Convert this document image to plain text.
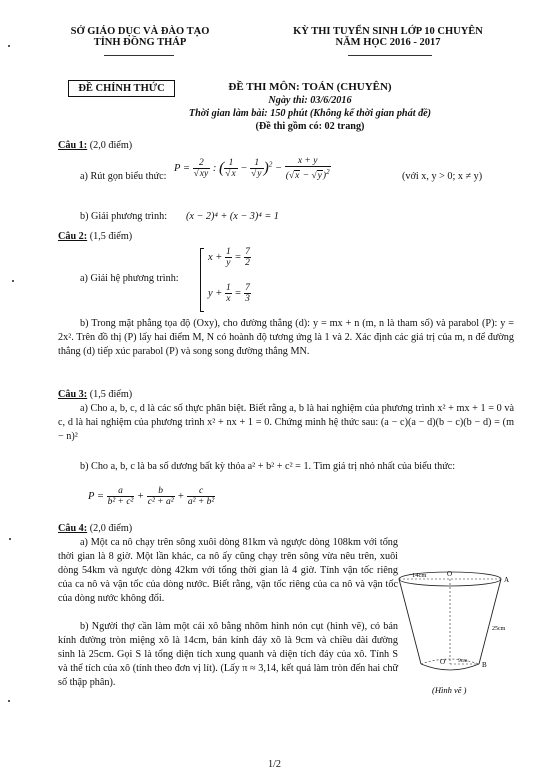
SỞ GIÁO DỤC VÀ ĐÀO TẠO
TỈNH ĐỒNG THÁP
KỲ THI TUYỂN SINH LỚP 10 CHUYÊN
NĂM HỌC 2016 - 2017
ĐỀ CHÍNH THỨC	ĐỀ THI MÔN: TOÁN (CHUYÊN)
Ngày thi: 03/6/2016
Thời gian làm bài: 150 phút (Không kể thời gian phát đề)
(Đề thi gồm có: 02 trang)
Câu 1: (2,0 điểm)
a) Rút gọn biểu thức:
$P = \frac{2}{√xy}$ : ( $\frac{1}{√x} - \frac{1}{√y} )^2 - \frac{x + y}{(√x - √y)^2}$	(với x, y > 0; x ≠ y)
b) Giải phương trình: (x − 2)⁴ + (x − 3)⁴ = 1
Câu 2: (1,5 điểm)
a) Giải hệ phương trình:
$x + \frac{1}{y} = \frac{7}{2}$
$y + \frac{1}{x} = \frac{7}{3}$
b) Trong mặt phẳng tọa độ (Oxy), cho đường thẳng (d): y = mx + n (m, n là tham số) và parabol (P): y = 2x². Trên đồ thị (P) lấy hai điểm M, N có hoành độ tương ứng là 1 và 2. Xác định các giá trị của m, n để đường thẳng (d) tiếp xúc parabol (P) và song song đường thẳng MN.
Câu 3: (1,5 điểm)
a) Cho a, b, c, d là các số thực phân biệt. Biết rằng a, b là hai nghiệm của phương trình x² + mx + 1 = 0 và c, d là hai nghiệm của phương trình x² + nx + 1 = 0. Chứng minh hệ thức sau: (a − c)(a − d)(b − c)(b − d) = (m − n)²
b) Cho a, b, c là ba số dương bất kỳ thỏa a² + b² + c² = 1. Tìm giá trị nhỏ nhất của biểu thức:
$P = \frac{a}{\text{b² + c²}} + \frac{b}{\text{c² + a²}} + \frac{c}{\text{a² + b²}}$
Câu 4: (2,0 điểm)
a) Một ca nô chạy trên sông xuôi dòng 81km và ngược dòng 108km với tổng thời gian là 8 giờ. Một lần khác, ca nô ấy cũng chạy trên sông vừa nêu trên, xuôi dòng 54km và ngược dòng 42km với tổng thời gian là 4 giờ. Tính vận tốc riêng của ca nô và vận tốc của dòng nước. Biết rằng, vận tốc riêng của ca nô và vận tốc của dòng nước không đổi.
b) Người thợ cần làm một cái xô bằng nhôm hình nón cụt (hình vẽ), có bán kính đường tròn miệng xô là 14cm, bán kính đáy xô là 9cm và chiều dài đường sinh là 25cm. Gọi S là tổng diện tích xung quanh và diện tích đáy của xô. Tính S và thể tích của xô (tính theo đơn vị lít). (Lấy π ≈ 3,14, kết quả làm tròn đến hai chữ số thập phân).
14cm	O
A
25cm
O' 9cm B
(Hình vẽ )
1/2
